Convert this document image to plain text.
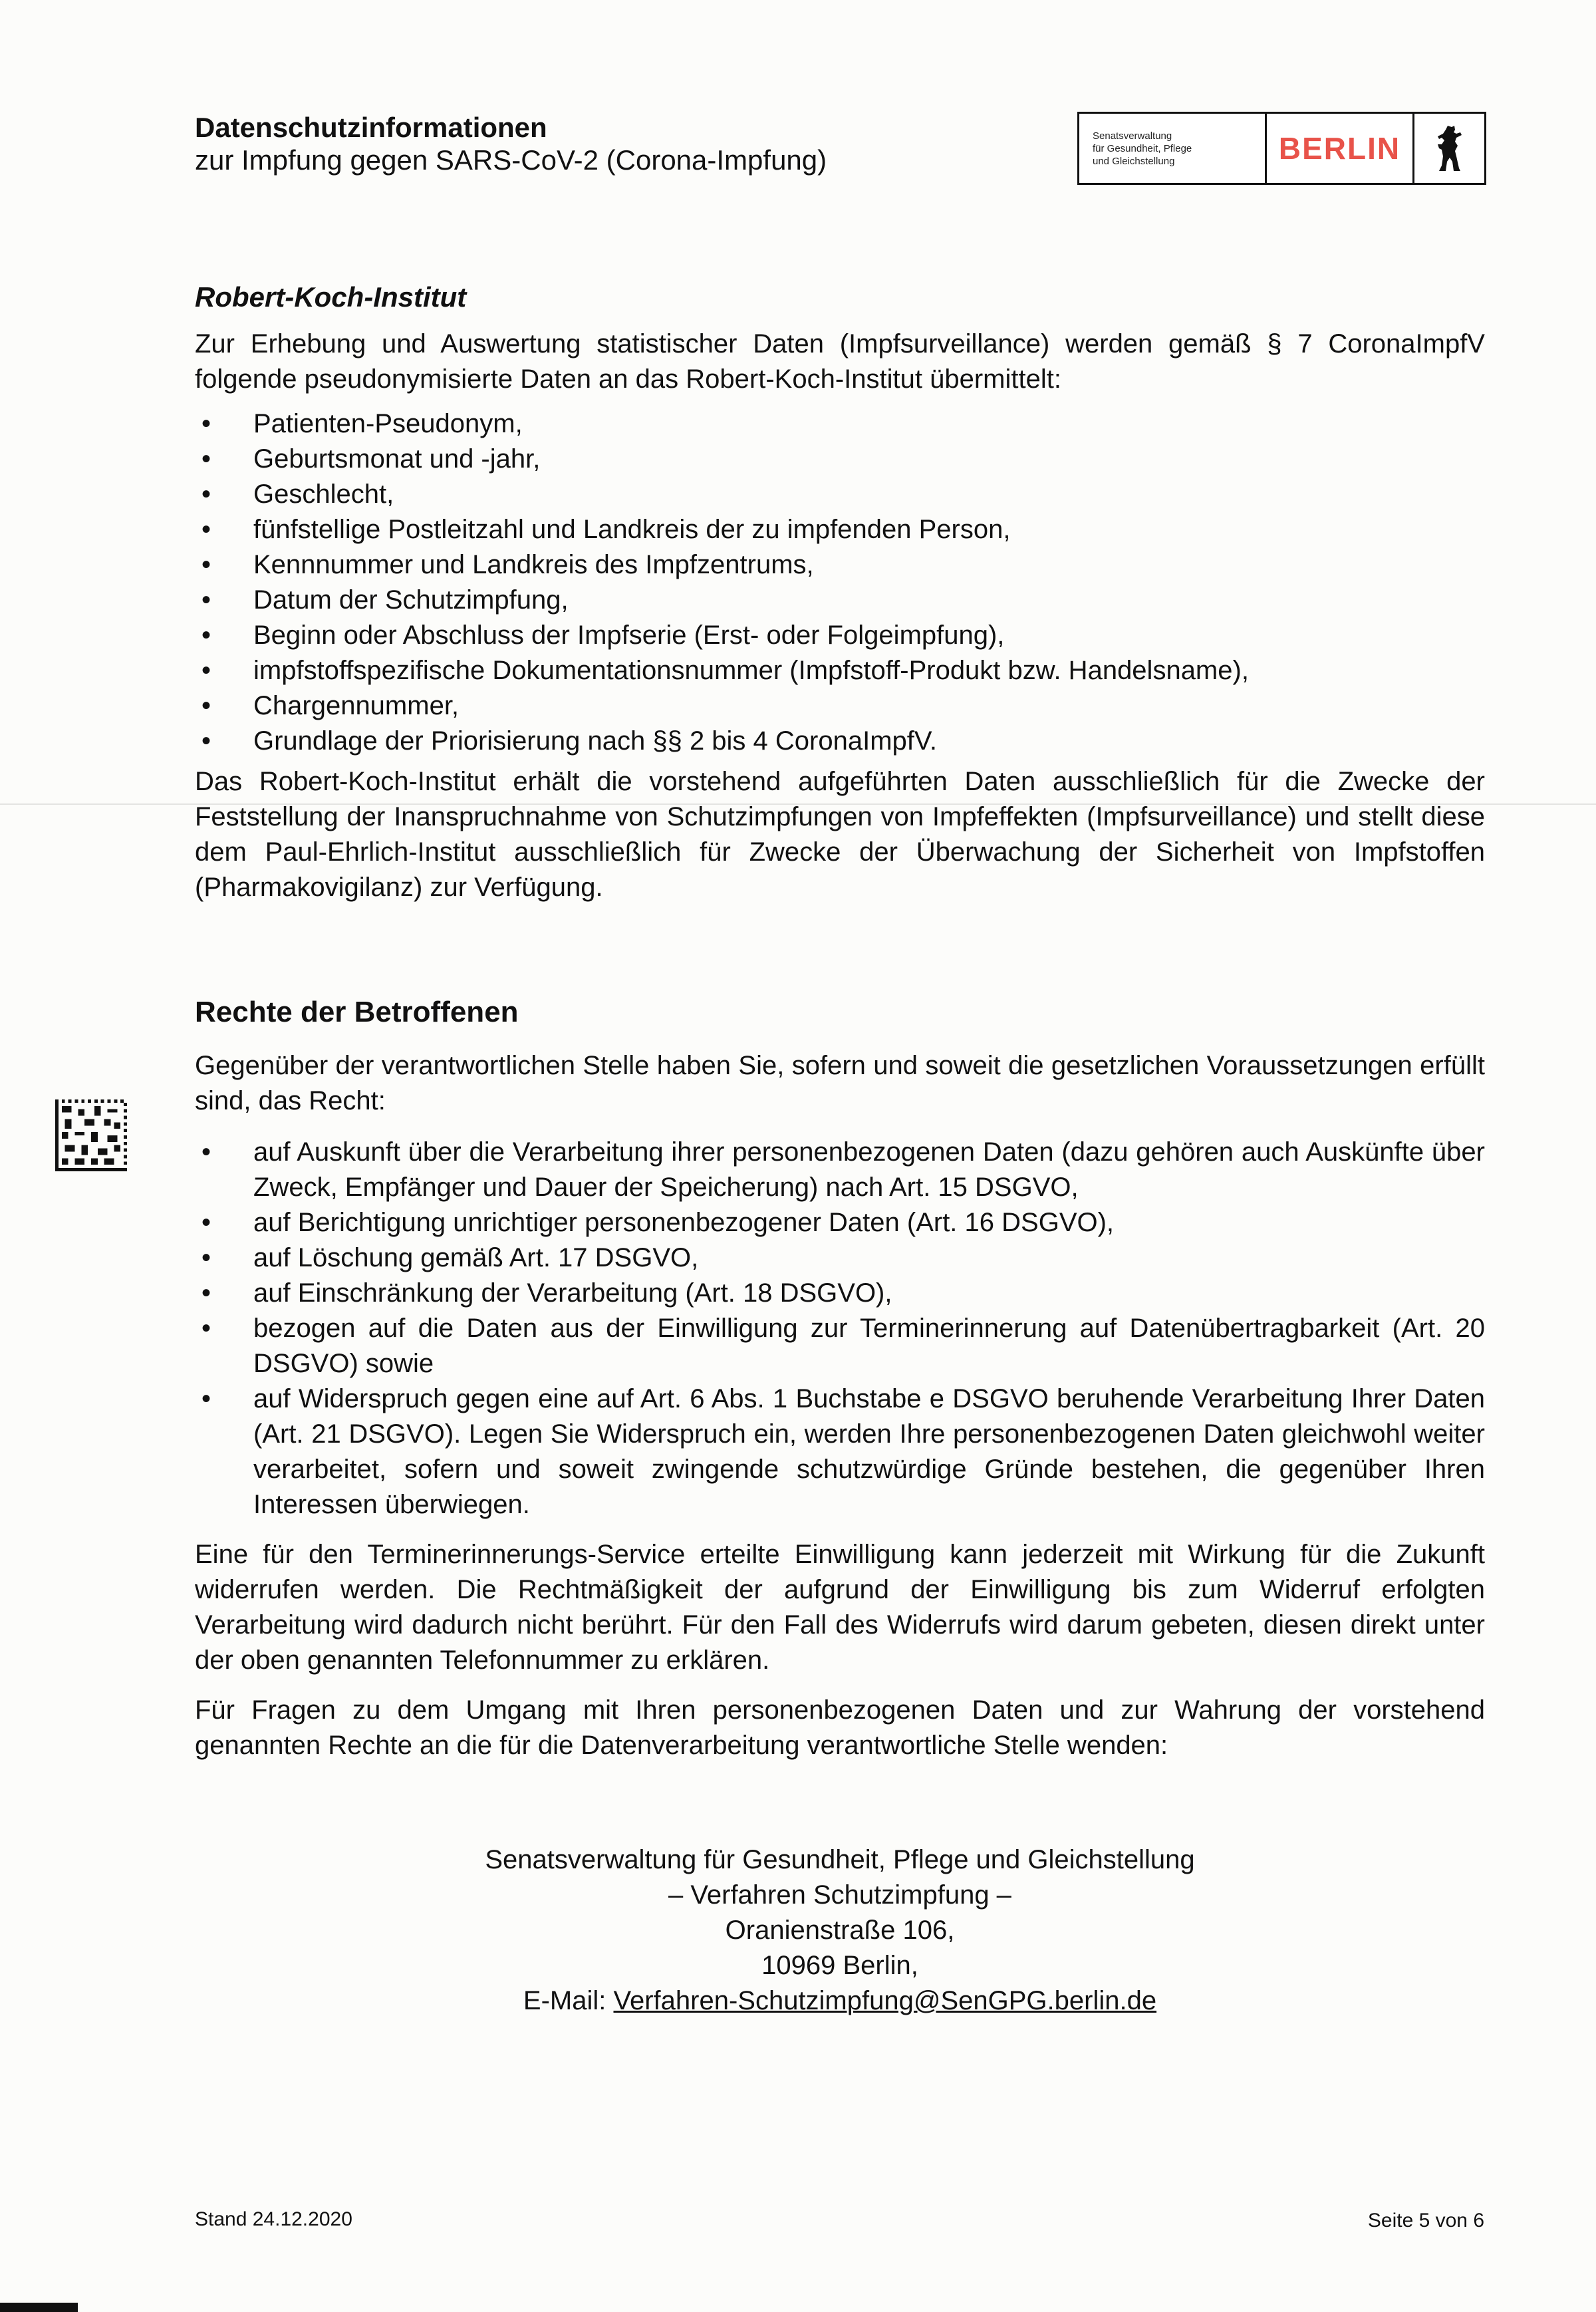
Datenschutzinformationen
zur Impfung gegen SARS-CoV-2 (Corona-Impfung)
Senatsverwaltung
für Gesundheit, Pflege
und Gleichstellung	BERLIN
Robert-Koch-Institut
Zur Erhebung und Auswertung statistischer Daten (Impfsurveillance) werden gemäß § 7 CoronaImpfV folgende pseudonymisierte Daten an das Robert-Koch-Institut übermittelt:
• Patienten-Pseudonym,
• Geburtsmonat und -jahr,
• Geschlecht,
• fünfstellige Postleitzahl und Landkreis der zu impfenden Person,
• Kennnummer und Landkreis des Impfzentrums,
• Datum der Schutzimpfung,
• Beginn oder Abschluss der Impfserie (Erst- oder Folgeimpfung),
• impfstoffspezifische Dokumentationsnummer (Impfstoff-Produkt bzw. Handelsname),
• Chargennummer,
• Grundlage der Priorisierung nach §§ 2 bis 4 CoronaImpfV.
Das Robert-Koch-Institut erhält die vorstehend aufgeführten Daten ausschließlich für die Zwecke der Feststellung der Inanspruchnahme von Schutzimpfungen von Impfeffekten (Impfsurveillance) und stellt diese dem Paul-Ehrlich-Institut ausschließlich für Zwecke der Überwachung der Sicherheit von Impfstoffen (Pharmakovigilanz) zur Verfügung.
Rechte der Betroffenen
Gegenüber der verantwortlichen Stelle haben Sie, sofern und soweit die gesetzlichen Voraussetzungen erfüllt sind, das Recht:
• auf Auskunft über die Verarbeitung ihrer personenbezogenen Daten (dazu gehören auch Auskünfte über Zweck, Empfänger und Dauer der Speicherung) nach Art. 15 DSGVO,
• auf Berichtigung unrichtiger personenbezogener Daten (Art. 16 DSGVO),
• auf Löschung gemäß Art. 17 DSGVO,
• auf Einschränkung der Verarbeitung (Art. 18 DSGVO),
• bezogen auf die Daten aus der Einwilligung zur Terminerinnerung auf Datenübertragbarkeit (Art. 20 DSGVO) sowie
• auf Widerspruch gegen eine auf Art. 6 Abs. 1 Buchstabe e DSGVO beruhende Verarbeitung Ihrer Daten (Art. 21 DSGVO). Legen Sie Widerspruch ein, werden Ihre personenbezogenen Daten gleichwohl weiter verarbeitet, sofern und soweit zwingende schutzwürdige Gründe bestehen, die gegenüber Ihren Interessen überwiegen.
Eine für den Terminerinnerungs-Service erteilte Einwilligung kann jederzeit mit Wirkung für die Zukunft widerrufen werden. Die Rechtmäßigkeit der aufgrund der Einwilligung bis zum Widerruf erfolgten Verarbeitung wird dadurch nicht berührt. Für den Fall des Widerrufs wird darum gebeten, diesen direkt unter der oben genannten Telefonnummer zu erklären.
Für Fragen zu dem Umgang mit Ihren personenbezogenen Daten und zur Wahrung der vorstehend genannten Rechte an die für die Datenverarbeitung verantwortliche Stelle wenden:
Senatsverwaltung für Gesundheit, Pflege und Gleichstellung
– Verfahren Schutzimpfung –
Oranienstraße 106,
10969 Berlin,
E-Mail: Verfahren-Schutzimpfung@SenGPG.berlin.de
Stand 24.12.2020	Seite 5 von 6
